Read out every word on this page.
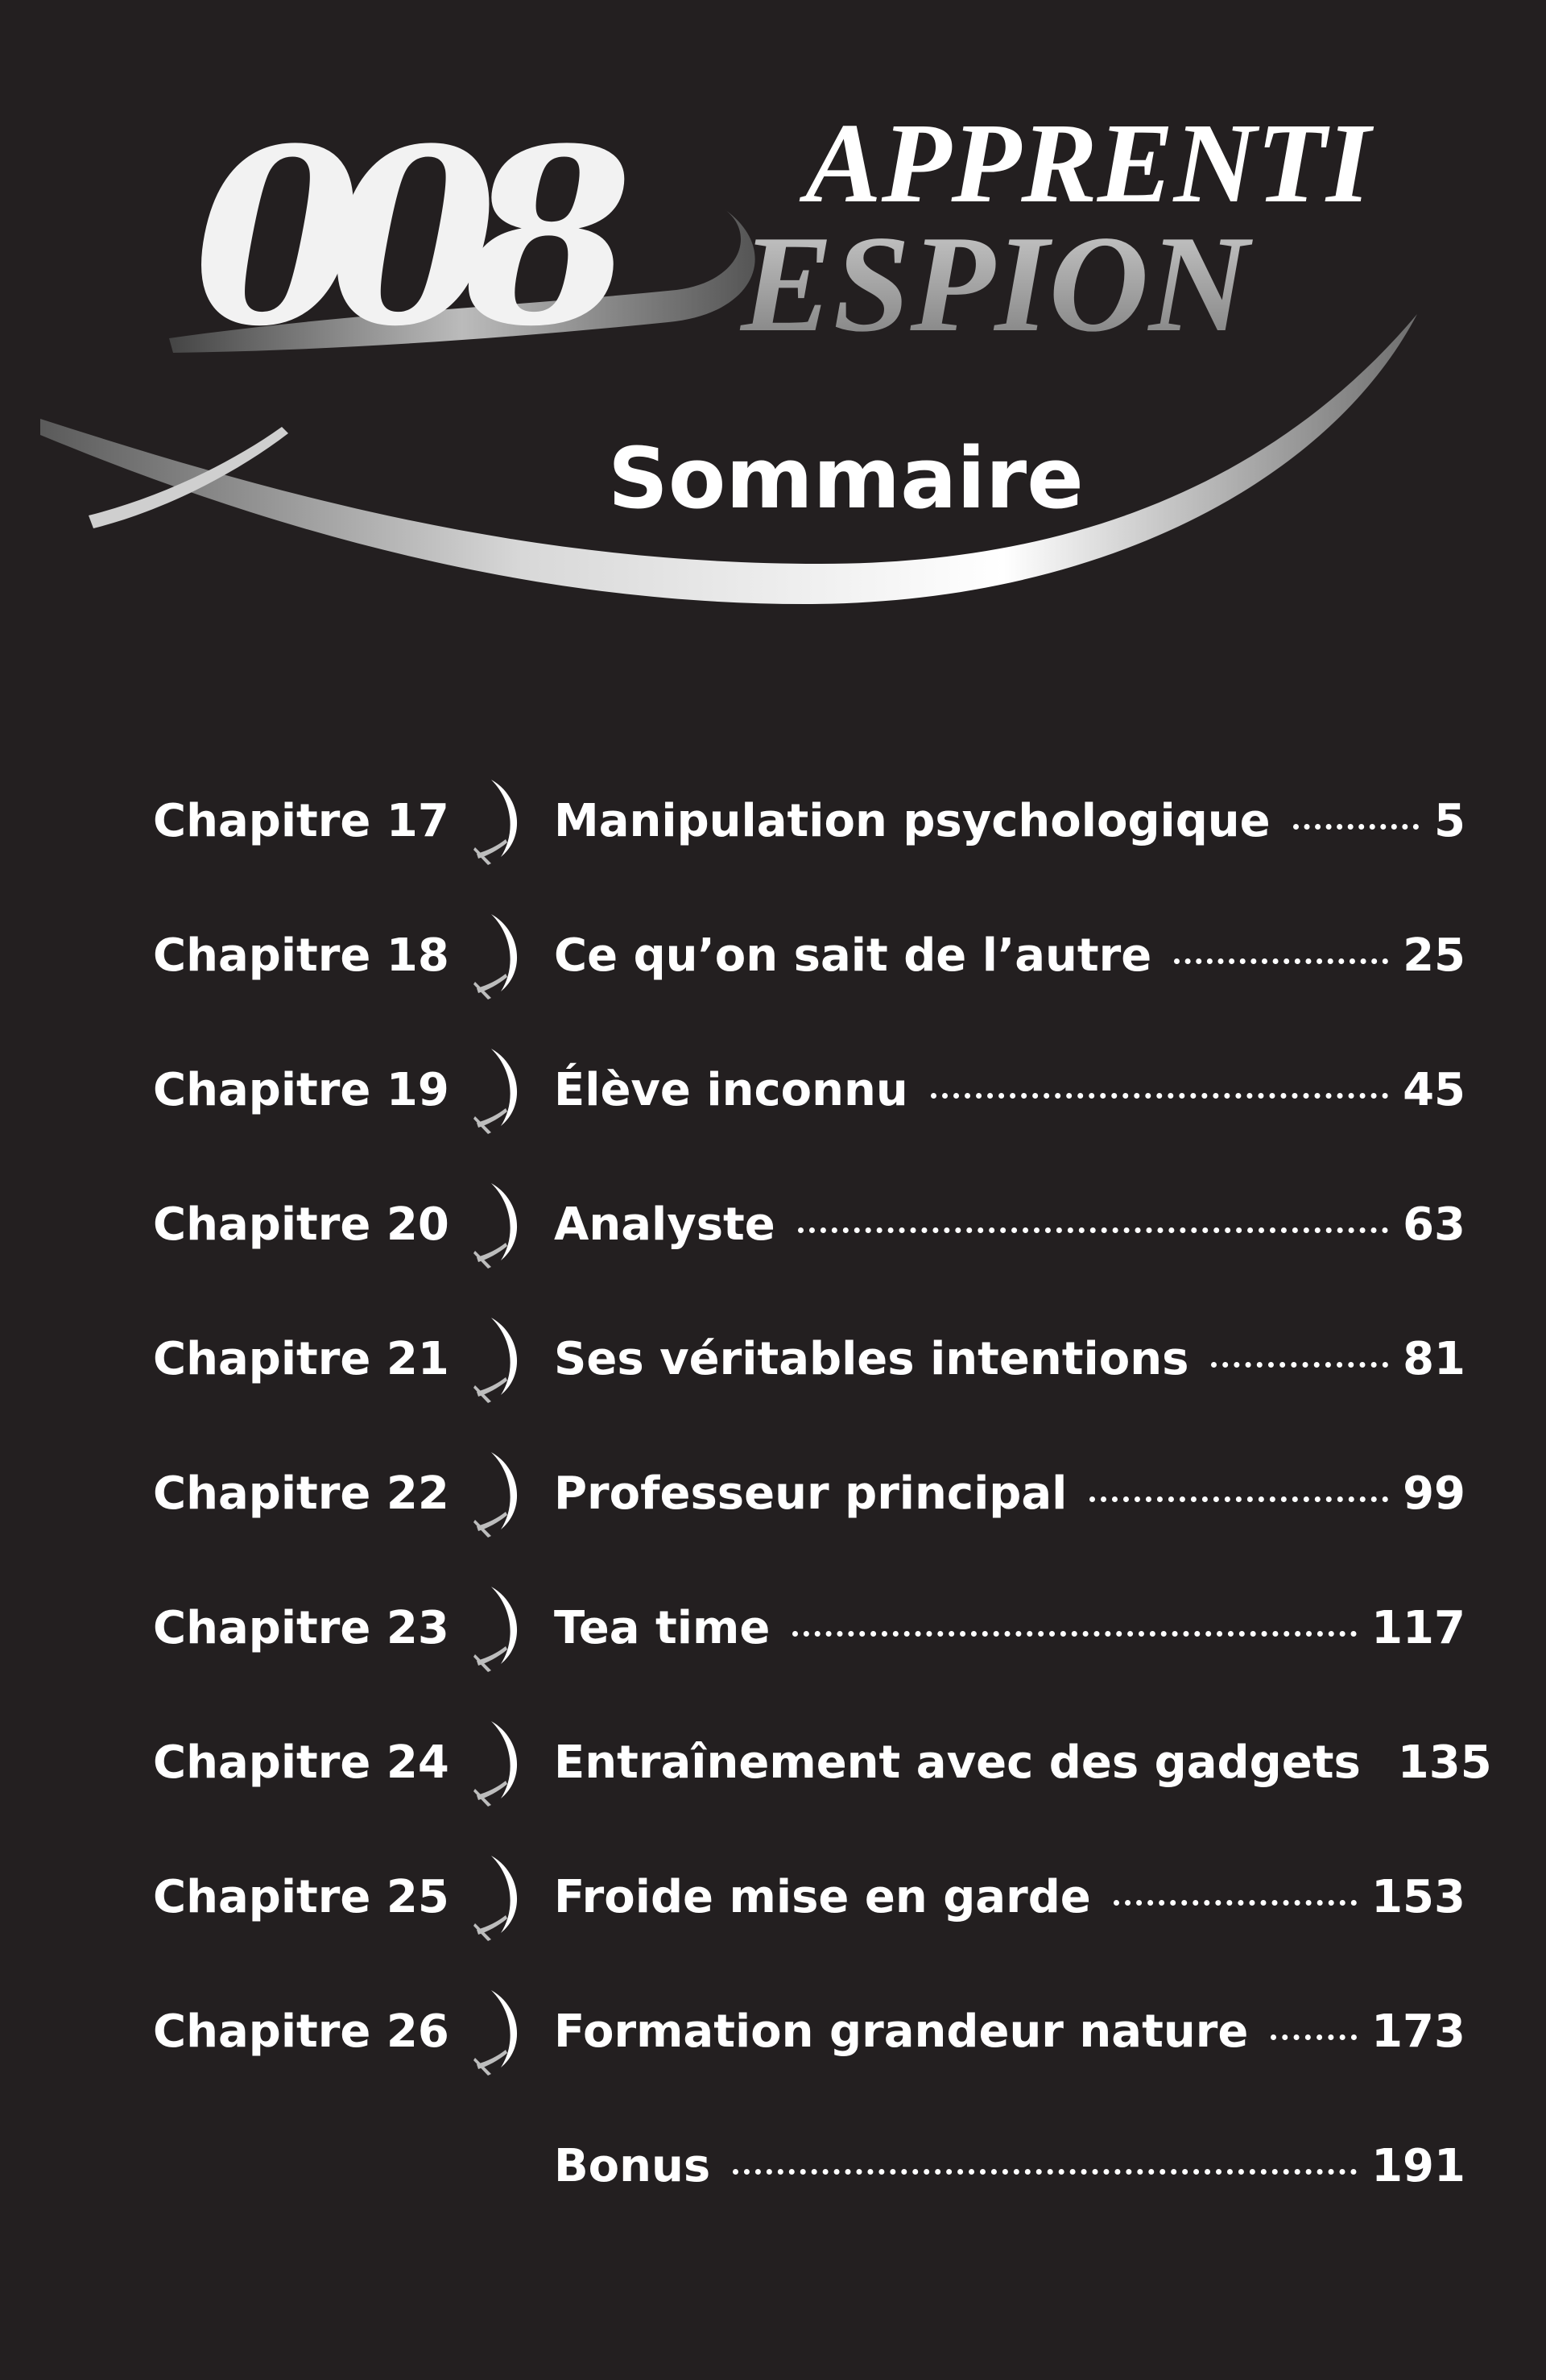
008 APPRENTI
ESPION
Sommaire
Chapitre 17 Manipulation psychologique	5
Chapitre 18 Ce qu’on sait de l’autre	25
Chapitre 19 Élève inconnu	45
Chapitre 20 Analyste	63
Chapitre 21 Ses véritables intentions	81
Chapitre 22 Professeur principal	99
Chapitre 23 Tea time	117
Chapitre 24 Entraînement avec des gadgets 135
Chapitre 25 Froide mise en garde	153
Chapitre 26 Formation grandeur nature	173
Bonus	191
